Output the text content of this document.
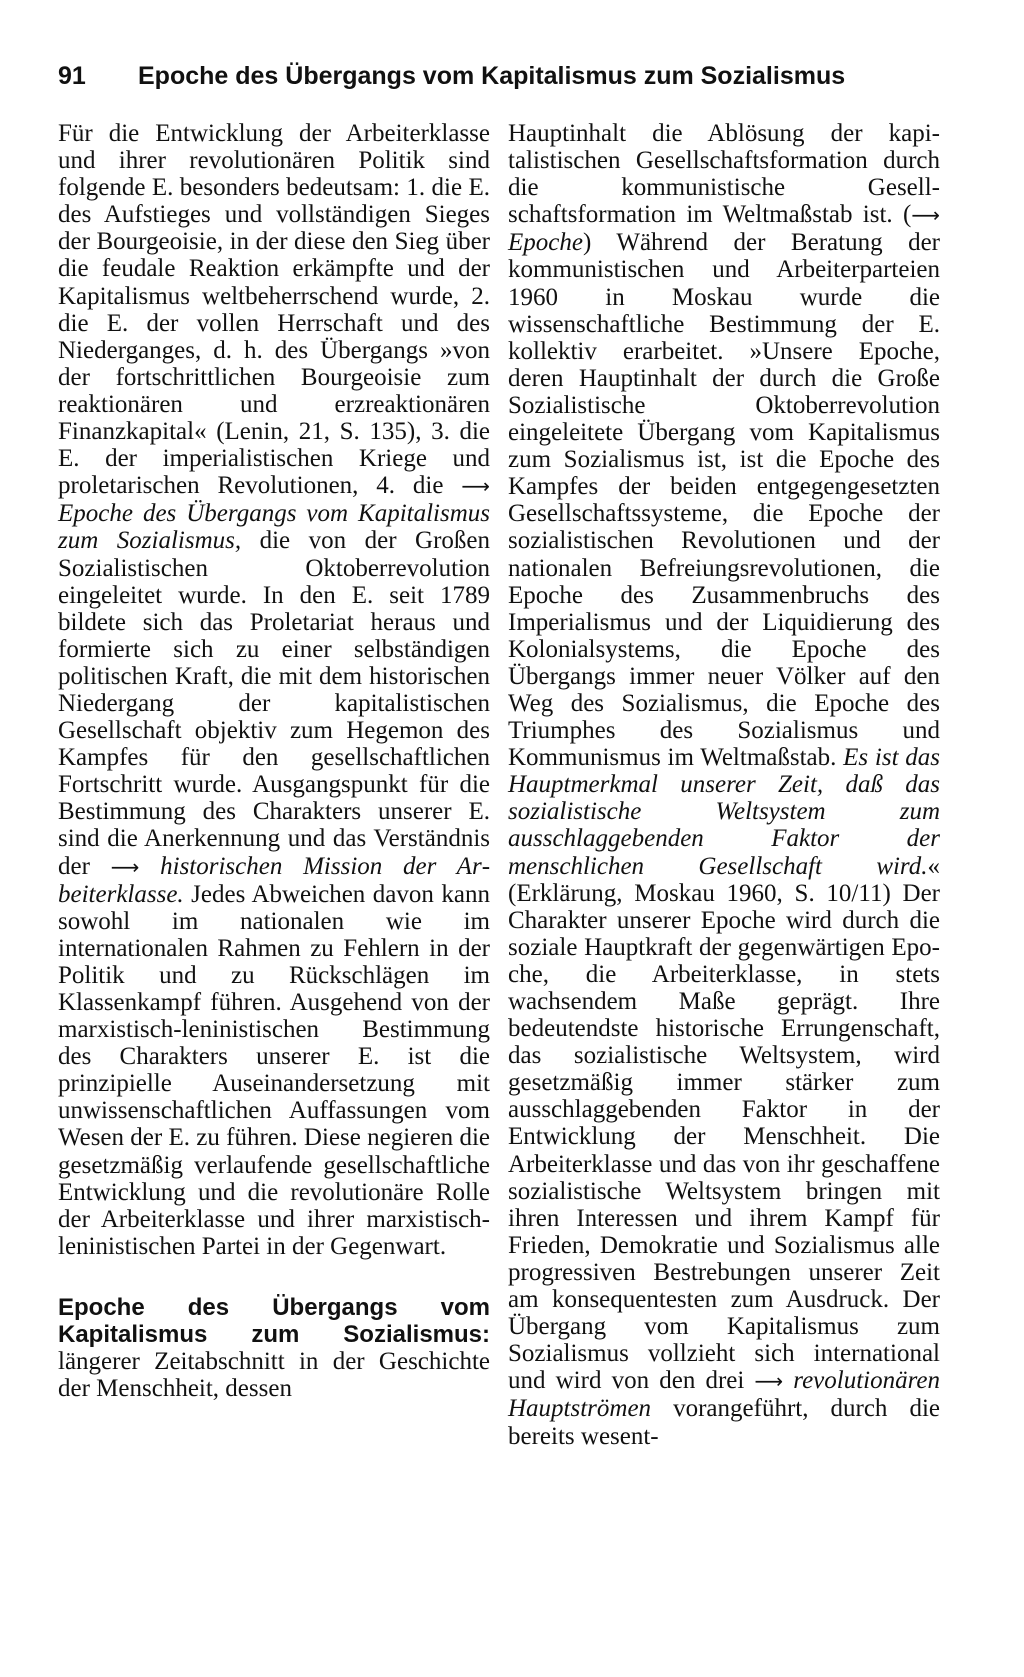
91 Epoche des Übergangs vom Kapitalismus zum Sozialismus

Für die Entwicklung der Arbeiterklasse und ihrer revolutionären Politik sind folgende E. besonders bedeutsam: 1. die E. des Aufstieges und vollständigen Sieges der Bourgeoisie, in der diese den Sieg über die feudale Reaktion erkämpfte und der Kapitalismus weltbeherrschend wurde, 2. die E. der vollen Herrschaft und des Niederganges, d. h. des Übergangs »von der fortschrittlichen Bourgeoisie zum reaktionären und erzreaktionären Finanzkapital« (Lenin, 21, S. 135), 3. die E. der imperialistischen Kriege und proletarischen Revolutionen, 4. die ⟶ Epoche des Übergangs vom Kapitalismus zum Sozialismus, die von der Großen Sozialistischen Oktoberrevolution eingeleitet wurde. In den E. seit 1789 bildete sich das Proletariat heraus und formierte sich zu einer selbständigen politischen Kraft, die mit dem historischen Niedergang der kapitalistischen Gesellschaft objektiv zum Hegemon des Kampfes für den gesellschaftlichen Fortschritt wurde. Ausgangspunkt für die Bestimmung des Charakters unserer E. sind die Anerkennung und das Verständnis der ⟶ historischen Mission der Arbeiterklasse. Jedes Abweichen davon kann sowohl im nationalen wie im internationalen Rahmen zu Fehlern in der Politik und zu Rückschlägen im Klassenkampf führen. Ausgehend von der marxistisch-leninistischen Bestimmung des Charakters unserer E. ist die prinzipielle Auseinandersetzung mit unwissenschaftlichen Auffassungen vom Wesen der E. zu führen. Diese negieren die gesetzmäßig verlaufende gesellschaftliche Entwicklung und die revolutionäre Rolle der Arbeiterklasse und ihrer marxistisch-leninistischen Partei in der Gegenwart.

Epoche des Übergangs vom Kapitalismus zum Sozialismus: längerer Zeitabschnitt in der Geschichte der Menschheit, dessen

Hauptinhalt die Ablösung der kapitalistischen Gesellschaftsformation durch die kommunistische Gesellschaftsformation im Weltmaßstab ist. (⟶ Epoche) Während der Beratung der kommunistischen und Arbeiterparteien 1960 in Moskau wurde die wissenschaftliche Bestimmung der E. kollektiv erarbeitet. »Unsere Epoche, deren Hauptinhalt der durch die Große Sozialistische Oktoberrevolution eingeleitete Übergang vom Kapitalismus zum Sozialismus ist, ist die Epoche des Kampfes der beiden entgegengesetzten Gesellschaftssysteme, die Epoche der sozialistischen Revolutionen und der nationalen Befreiungsrevolutionen, die Epoche des Zusammenbruchs des Imperialismus und der Liquidierung des Kolonialsystems, die Epoche des Übergangs immer neuer Völker auf den Weg des Sozialismus, die Epoche des Triumphes des Sozialismus und Kommunismus im Weltmaßstab. Es ist das Hauptmerkmal unserer Zeit, daß das sozialistische Weltsystem zum ausschlaggebenden Faktor der menschlichen Gesellschaft wird.« (Erklärung, Moskau 1960, S. 10/11) Der Charakter unserer Epoche wird durch die soziale Hauptkraft der gegenwärtigen Epoche, die Arbeiterklasse, in stets wachsendem Maße geprägt. Ihre bedeutendste historische Errungenschaft, das sozialistische Weltsystem, wird gesetzmäßig immer stärker zum ausschlaggebenden Faktor in der Entwicklung der Menschheit. Die Arbeiterklasse und das von ihr geschaffene sozialistische Weltsystem bringen mit ihren Interessen und ihrem Kampf für Frieden, Demokratie und Sozialismus alle progressiven Bestrebungen unserer Zeit am konsequentesten zum Ausdruck. Der Übergang vom Kapitalismus zum Sozialismus vollzieht sich international und wird von den drei ⟶ revolutionären Hauptströmen vorangeführt, durch die bereits wesent-
